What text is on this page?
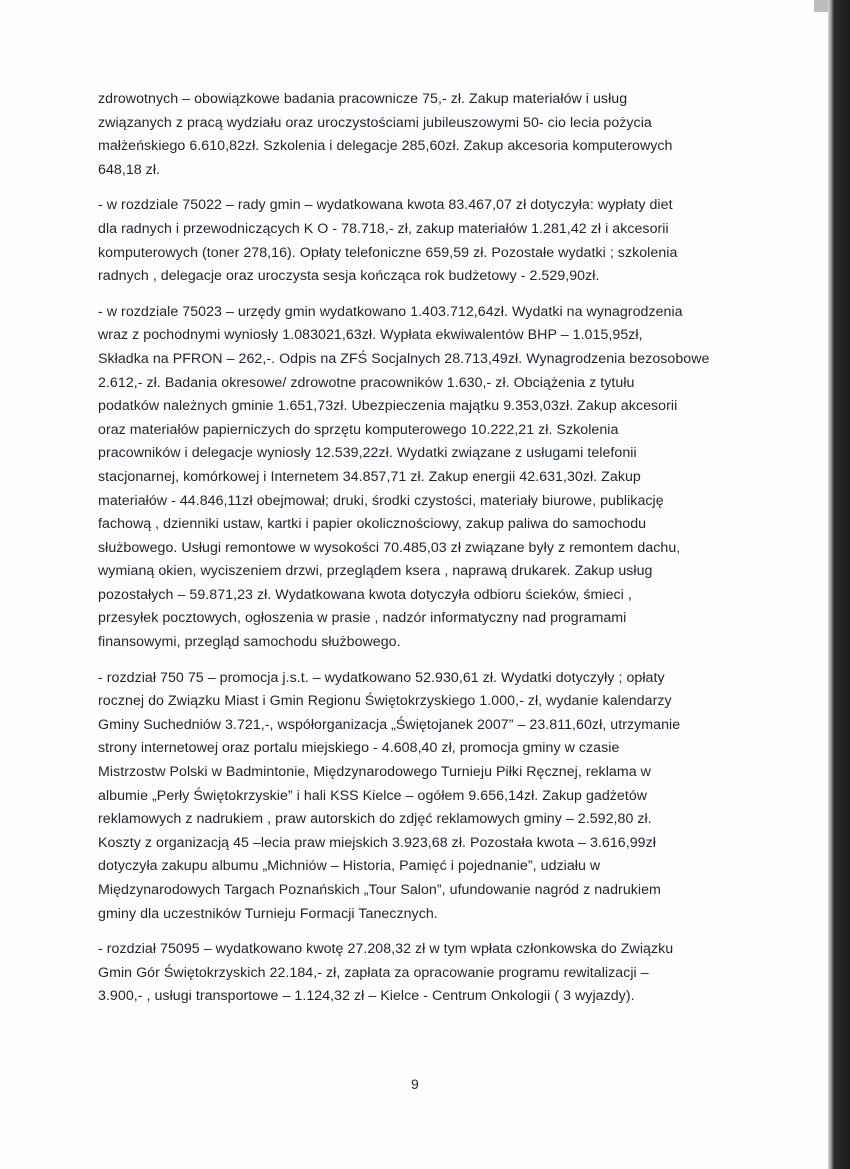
zdrowotnych – obowiązkowe badania pracownicze 75,- zł. Zakup materiałów i usług
związanych z pracą wydziału oraz uroczystościami jubileuszowymi 50- cio lecia pożycia
małżeńskiego 6.610,82zł. Szkolenia i delegacje 285,60zł. Zakup akcesoria komputerowych
648,18 zł.

- w rozdziale 75022 – rady gmin – wydatkowana kwota 83.467,07 zł dotyczyła: wypłaty diet
dla radnych i przewodniczących K O - 78.718,- zł, zakup materiałów 1.281,42 zł i akcesorii
komputerowych (toner 278,16). Opłaty telefoniczne 659,59 zł. Pozostałe wydatki ; szkolenia
radnych , delegacje oraz uroczysta sesja kończąca rok budżetowy - 2.529,90zł.

- w rozdziale 75023 – urzędy gmin wydatkowano 1.403.712,64zł. Wydatki na wynagrodzenia
wraz z pochodnymi wyniosły 1.083021,63zł. Wypłata ekwiwalentów BHP – 1.015,95zł,
Składka na PFRON – 262,-. Odpis na ZFŚ Socjalnych 28.713,49zł. Wynagrodzenia bezosobowe
2.612,- zł. Badania okresowe/ zdrowotne pracowników 1.630,- zł. Obciążenia z tytułu
podatków należnych gminie 1.651,73zł. Ubezpieczenia majątku 9.353,03zł. Zakup akcesorii
oraz materiałów papierniczych do sprzętu komputerowego 10.222,21 zł. Szkolenia
pracowników i delegacje wyniosły 12.539,22zł. Wydatki związane z usługami telefonii
stacjonarnej, komórkowej i Internetem 34.857,71 zł. Zakup energii 42.631,30zł. Zakup
materiałów - 44.846,11zł obejmował; druki, środki czystości, materiały biurowe, publikację
fachową , dzienniki ustaw, kartki i papier okolicznościowy, zakup paliwa do samochodu
służbowego. Usługi remontowe w wysokości 70.485,03 zł związane były z remontem dachu,
wymianą okien, wyciszeniem drzwi, przeglądem ksera , naprawą drukarek. Zakup usług
pozostałych – 59.871,23 zł. Wydatkowana kwota dotyczyła odbioru ścieków, śmieci ,
przesyłek pocztowych, ogłoszenia w prasie , nadzór informatyczny nad programami
finansowymi, przegląd samochodu służbowego.

- rozdział 750 75 – promocja j.s.t. – wydatkowano 52.930,61 zł. Wydatki dotyczyły ; opłaty
rocznej do Związku Miast i Gmin Regionu Świętokrzyskiego 1.000,- zł, wydanie kalendarzy
Gminy Suchedniów 3.721,-, współorganizacja „Świętojanek 2007” – 23.811,60zł, utrzymanie
strony internetowej oraz portalu miejskiego - 4.608,40 zł, promocja gminy w czasie
Mistrzostw Polski w Badmintonie, Międzynarodowego Turnieju Piłki Ręcznej, reklama w
albumie „Perły Świętokrzyskie” i hali KSS Kielce – ogółem 9.656,14zł. Zakup gadżetów
reklamowych z nadrukiem , praw autorskich do zdjęć reklamowych gminy – 2.592,80 zł.
Koszty z organizacją 45 –lecia praw miejskich 3.923,68 zł. Pozostała kwota – 3.616,99zł
dotyczyła zakupu albumu „Michniów – Historia, Pamięć i pojednanie”, udziału w
Międzynarodowych Targach Poznańskich „Tour Salon”, ufundowanie nagród z nadrukiem
gminy dla uczestników Turnieju Formacji Tanecznych.

- rozdział 75095 – wydatkowano kwotę 27.208,32 zł w tym wpłata członkowska do Związku
Gmin Gór Świętokrzyskich 22.184,- zł, zapłata za opracowanie programu rewitalizacji –
3.900,- , usługi transportowe – 1.124,32 zł – Kielce - Centrum Onkologii ( 3 wyjazdy).

9
